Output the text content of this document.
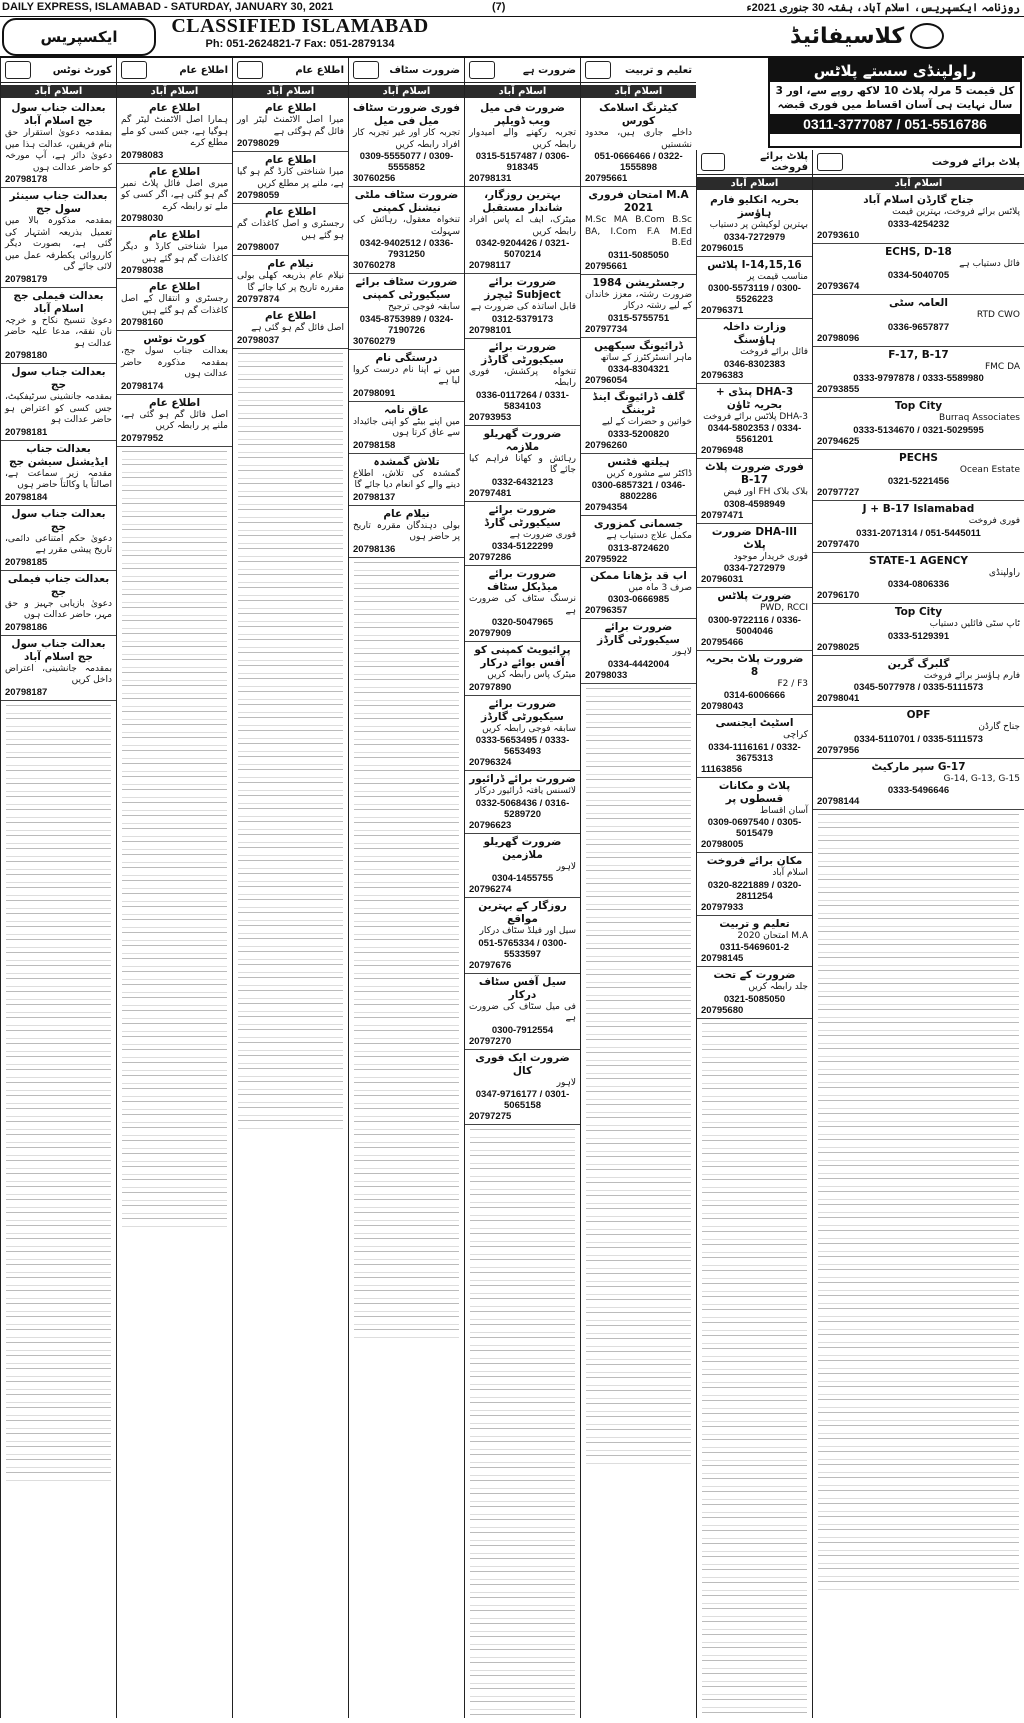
DAILY EXPRESS, ISLAMABAD - SATURDAY, JANUARY 30, 2021	(7)	روزنامہ ایکسپریس، اسلام آباد، ہفتہ 30 جنوری 2021ء
ایکسپریس	CLASSIFIED ISLAMABAD
Ph: 051-2624821-7 Fax: 051-2879134	کلاسیفائیڈ
راولپنڈی سستے پلاٹس
کل قیمت 5 مرلہ پلاٹ 10 لاکھ روپے سے، اور 3 سال نہایت ہی آسان اقساط میں فوری قبضہ
0311-3777087 / 051-5516786
کورٹ نوٹس
اسلام آباد
بعدالت جناب سول جج اسلام آباد
بمقدمہ دعویٰ استقرار حق بنام فریقین، عدالت ہذا میں دعویٰ دائر ہے، آپ مورخہ کو حاضر عدالت ہوں
20798178
بعدالت جناب سینئر سول جج
بمقدمہ مذکورہ بالا میں تعمیل بذریعہ اشتہار کی گئی ہے، بصورت دیگر کارروائی یکطرفہ عمل میں لائی جائے گی
20798179
بعدالت فیملی جج اسلام آباد
دعویٰ تنسیخ نکاح و خرچہ نان نفقہ، مدعا علیہ حاضر عدالت ہو
20798180
بعدالت جناب سول جج
بمقدمہ جانشینی سرٹیفکیٹ، جس کسی کو اعتراض ہو حاضر عدالت ہو
20798181
بعدالت جناب ایڈیشنل سیشن جج
مقدمہ زیر سماعت ہے، اصالتاً یا وکالتاً حاضر ہوں
20798184
بعدالت جناب سول جج
دعویٰ حکم امتناعی دائمی، تاریخ پیشی مقرر ہے
20798185
بعدالت جناب فیملی جج
دعویٰ بازیابی جہیز و حق مہر، حاضر عدالت ہوں
20798186
بعدالت جناب سول جج اسلام آباد
بمقدمہ جانشینی، اعتراض داخل کریں
20798187
اطلاع عام
اسلام آباد
اطلاع عام
ہمارا اصل الاٹمنٹ لیٹر گم ہوگیا ہے، جس کسی کو ملے مطلع کرے
20798083
اطلاع عام
میری اصل فائل پلاٹ نمبر گم ہو گئی ہے، اگر کسی کو ملے تو رابطہ کرے
20798030
اطلاع عام
میرا شناختی کارڈ و دیگر کاغذات گم ہو گئے ہیں
20798038
اطلاع عام
رجسٹری و انتقال کے اصل کاغذات گم ہو گئے ہیں
20798160
کورٹ نوٹس
بعدالت جناب سول جج، بمقدمہ مذکورہ حاضر عدالت ہوں
20798174
اطلاع عام
اصل فائل گم ہو گئی ہے، ملنے پر رابطہ کریں
20797952
اطلاع عام
اسلام آباد
اطلاع عام
میرا اصل الاٹمنٹ لیٹر اور فائل گم ہوگئی ہے
20798029
اطلاع عام
میرا شناختی کارڈ گم ہو گیا ہے، ملنے پر مطلع کریں
20798059
اطلاع عام
رجسٹری و اصل کاغذات گم ہو گئے ہیں
20798007
نیلام عام
نیلام عام بذریعہ کھلی بولی مقررہ تاریخ پر کیا جائے گا
20797874
اطلاع عام
اصل فائل گم ہو گئی ہے
20798037
ضرورت سٹاف
اسلام آباد
فوری ضرورت سٹاف میل فی میل
تجربہ کار اور غیر تجربہ کار افراد رابطہ کریں
0309-5555077 / 0309-5555852
30760256
ضرورت سٹاف ملٹی نیشنل کمپنی
تنخواہ معقول، رہائش کی سہولت
0342-9402512 / 0336-7931250
30760278
ضرورت سٹاف برائے سیکیورٹی کمپنی
سابقہ فوجی ترجیح
0345-8753989 / 0324-7190726
30760279
درستگی نام
میں نے اپنا نام درست کروا لیا ہے
20798091
عاق نامہ
میں اپنے بیٹے کو اپنی جائیداد سے عاق کرتا ہوں
20798158
تلاش گمشدہ
گمشدہ کی تلاش، اطلاع دینے والے کو انعام دیا جائے گا
20798137
نیلام عام
بولی دہندگان مقررہ تاریخ پر حاضر ہوں
20798136
ضرورت ہے
اسلام آباد
ضرورت فی میل ویب ڈویلپر
تجربہ رکھنے والے امیدوار رابطہ کریں
0315-5157487 / 0306-918345
20798131
بہترین روزگار، شاندار مستقبل
میٹرک، ایف اے پاس افراد رابطہ کریں
0342-9204426 / 0321-5070214
20798117
ضرورت برائے Subject ٹیچرز
قابل اساتذہ کی ضرورت ہے
0312-5379173
20798101
ضرورت برائے سیکیورٹی گارڈز
تنخواہ پرکشش، فوری رابطہ
0336-0117264 / 0331-5834103
20793953
ضرورت گھریلو ملازمہ
رہائش و کھانا فراہم کیا جائے گا
0332-6432123
20797481
ضرورت برائے سیکیورٹی گارڈ
فوری ضرورت ہے
0334-5122299
20797286
ضرورت برائے میڈیکل سٹاف
نرسنگ سٹاف کی ضرورت ہے
0320-5047965
20797909
پرائیویٹ کمپنی کو آفس بوائے درکار
میٹرک پاس رابطہ کریں
20797890
ضرورت برائے سیکیورٹی گارڈز
سابقہ فوجی رابطہ کریں
0333-5653495 / 0333-5653493
20796324
ضرورت برائے ڈرائیور
لائسنس یافتہ ڈرائیور درکار
0332-5068436 / 0316-5289720
20796623
ضرورت گھریلو ملازمین
لاہور
0304-1455755
20796274
روزگار کے بہترین مواقع
سیل اور فیلڈ سٹاف درکار
051-5765334 / 0300-5533597
20797676
سیل آفس سٹاف درکار
فی میل سٹاف کی ضرورت ہے
0300-7912554
20797270
ضرورت ایک فوری کال
لاہور
0347-9716177 / 0301-5065158
20797275
تعلیم و تربیت
اسلام آباد
کیٹرنگ اسلامک کورس
داخلے جاری ہیں، محدود نشستیں
051-0666466 / 0322-1555898
20795661
M.A امتحان فروری 2021
M.Sc MA B.Com B.Sc BA, I.Com F.A M.Ed B.Ed
0311-5085050
20795661
رجسٹریشن 1984
ضرورت رشتہ، معزز خاندان کے لیے رشتہ درکار
0315-5755751
20797734
ڈرائیونگ سیکھیں
ماہر انسٹرکٹرز کے ساتھ
0334-8304321
20796054
گلف ڈرائیونگ اینڈ ٹریننگ
خواتین و حضرات کے لیے
0333-5200820
20796260
ہیلتھ فٹنس
ڈاکٹر سے مشورہ کریں
0300-6857321 / 0346-8802286
20794354
جسمانی کمزوری
مکمل علاج دستیاب ہے
0313-8724620
20795922
اب قد بڑھانا ممکن
صرف 3 ماہ میں
0303-0666985
20796357
ضرورت برائے سیکیورٹی گارڈز
لاہور
0334-4442004
20798033
پلاٹ برائے فروخت
اسلام آباد
بحریہ انکلیو فارم ہاؤسز
بہترین لوکیشن پر دستیاب
0334-7272979
20796015
I-14,15,16 پلاٹس
مناسب قیمت پر
0300-5573119 / 0300-5526223
20796371
وزارت داخلہ ہاؤسنگ
فائل برائے فروخت
0346-8302383
20796383
DHA-3 پنڈی + بحریہ ٹاؤن
DHA-3 پلاٹس برائے فروخت
0344-5802353 / 0334-5561201
20796948
فوری ضرورت پلاٹ B-17
بلاک بلاک FH اور فیض
0308-4598949
20797471
DHA-III ضرورت پلاٹ
فوری خریدار موجود
0334-7272979
20796031
ضرورت پلاٹس
PWD, RCCI
0300-9722116 / 0336-5004046
20795466
ضرورت پلاٹ بحریہ 8
F2 / F3
0314-6006666
20798043
اسٹیٹ ایجنسی
کراچی
0334-1116161 / 0332-3675313
11163856
پلاٹ و مکانات قسطوں پر
آسان اقساط
0309-0697540 / 0305-5015479
20798005
مکان برائے فروخت
اسلام آباد
0320-8221889 / 0320-2811254
20797933
تعلیم و تربیت
M.A امتحان 2020
0311-5469601-2
20798145
ضرورت کے تحت
جلد رابطہ کریں
0321-5085050
20795680
پلاٹ برائے فروخت
اسلام آباد
جناح گارڈن اسلام آباد
پلاٹس برائے فروخت، بہترین قیمت
0333-4254232
20793610
ECHS, D-18
فائل دستیاب ہے
0334-5040705
20793674
العامہ سٹی
RTD CWO
0336-9657877
20798096
F-17, B-17
FMC DA
0333-9797878 / 0333-5589980
20793855
Top City
Burraq Associates
0333-5134670 / 0321-5029595
20794625
PECHS
Ocean Estate
0321-5221456
20797727
J + B-17 Islamabad
فوری فروخت
0331-2071314 / 051-5445011
20797470
STATE-1 AGENCY
راولپنڈی
0334-0806336
20796170
Top City
ٹاپ سٹی فائلیں دستیاب
0333-5129391
20798025
گلبرگ گرین
فارم ہاؤسز برائے فروخت
0345-5077978 / 0335-5111573
20798041
OPF
جناح گارڈن
0334-5110701 / 0335-5111573
20797956
G-17 سپر مارکیٹ
G-14, G-13, G-15
0333-5496646
20798144
